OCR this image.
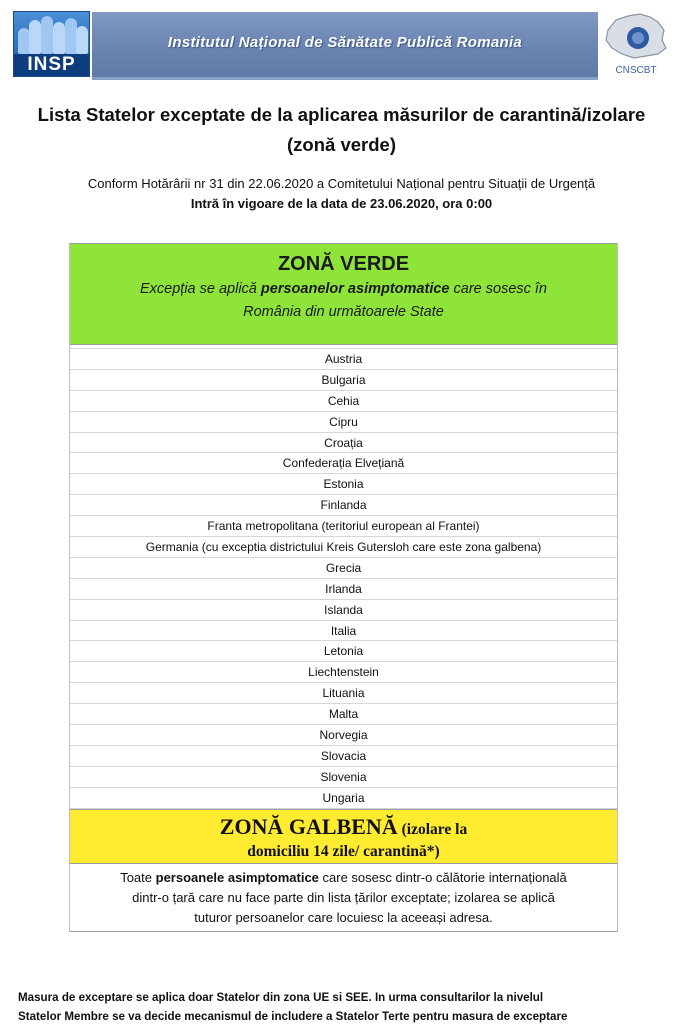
INSP
Institutul Național de Sănătate Publică Romania
CNSCBT
Lista Statelor exceptate de la aplicarea măsurilor de carantină/izolare
(zonă verde)
Conform Hotărârii nr 31 din 22.06.2020 a Comitetului Național pentru Situații de Urgență
Intră în vigoare de la data de 23.06.2020, ora 0:00
ZONĂ VERDE
Excepția se aplică persoanelor asimptomatice care sosesc în
România din următoarele State
Austria
Bulgaria
Cehia
Cipru
Croația
Confederația Elvețiană
Estonia
Finlanda
Franta metropolitana (teritoriul european al Frantei)
Germania (cu exceptia districtului Kreis Gutersloh care este zona galbena)
Grecia
Irlanda
Islanda
Italia
Letonia
Liechtenstein
Lituania
Malta
Norvegia
Slovacia
Slovenia
Ungaria
ZONĂ GALBENĂ (izolare la
domiciliu 14 zile/ carantină*)
Toate persoanele asimptomatice care sosesc dintr-o călătorie internațională
dintr-o țară care nu face parte din lista țărilor exceptate; izolarea se aplică
tuturor persoanelor care locuiesc la aceeași adresa.
Masura de exceptare se aplica doar Statelor din zona UE si SEE. In urma consultarilor la nivelul
Statelor Membre se va decide mecanismul de includere a Statelor Terte pentru masura de exceptare
